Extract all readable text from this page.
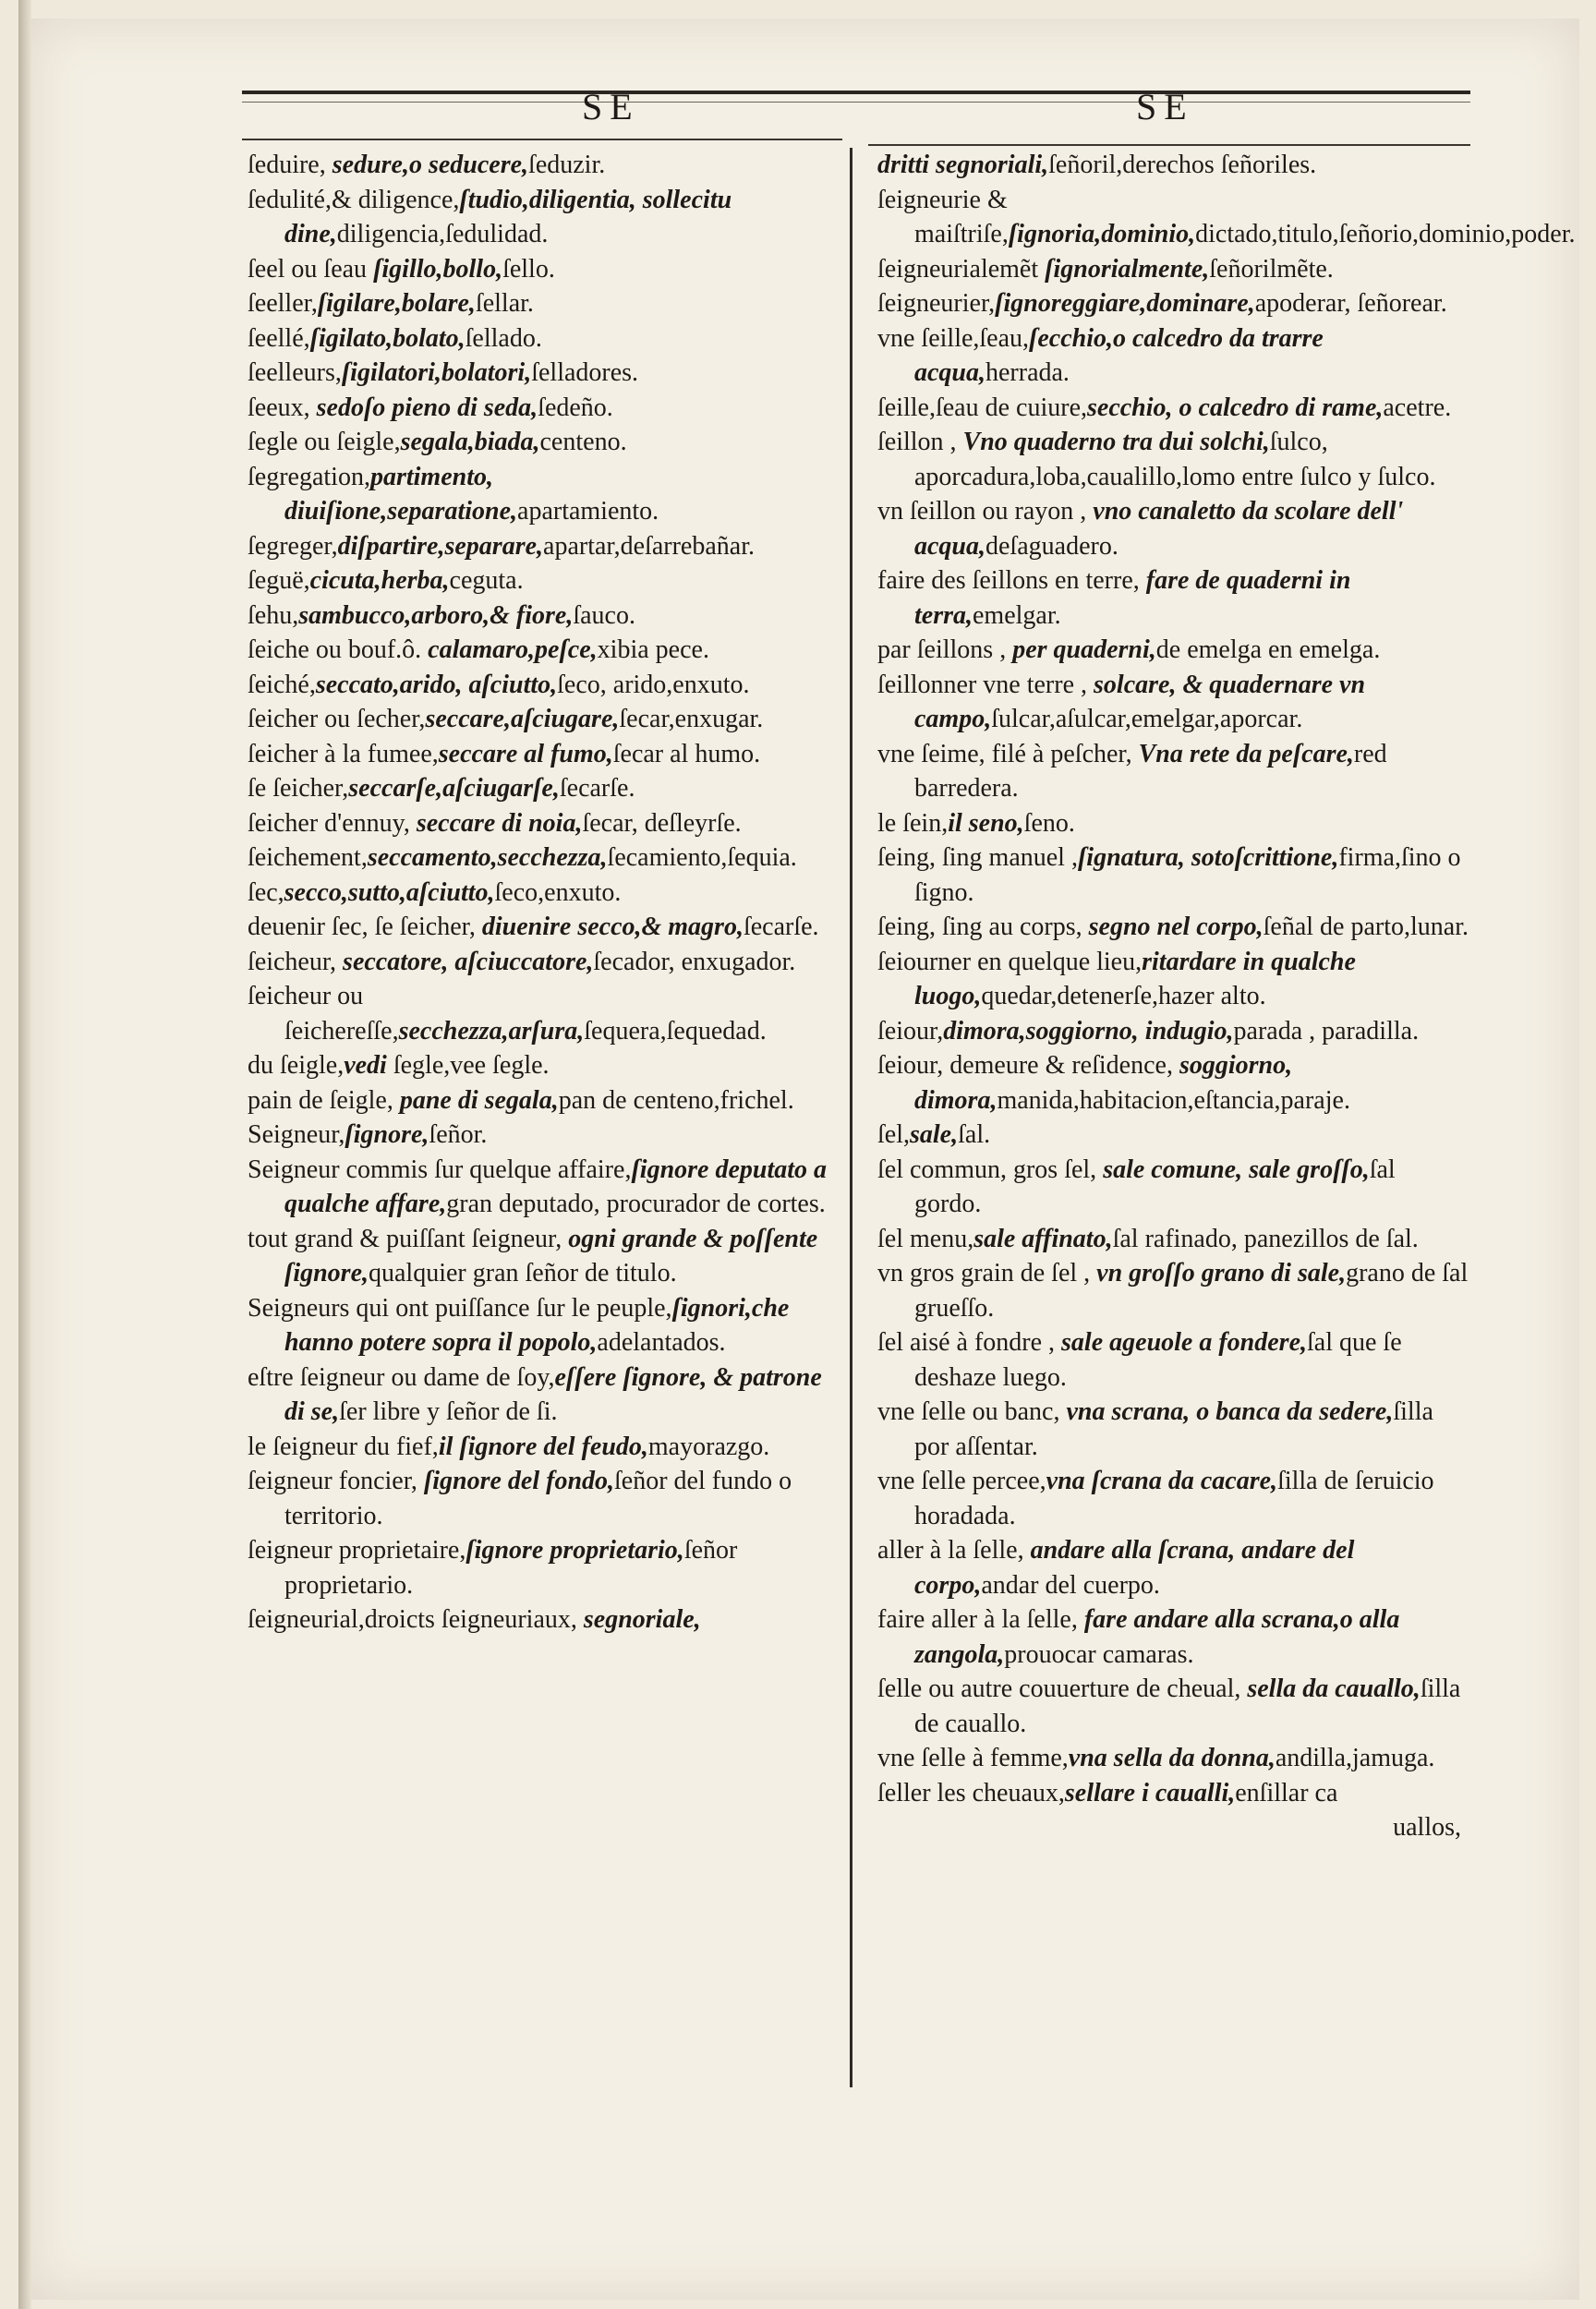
SE	SE

ſeduire, sedure,o seducere,ſeduzir.

ſedulité,& diligence,ſtudio,diligentia, sollecitu dine,diligencia,ſedulidad.

ſeel ou ſeau ſigillo,bollo,ſello.

ſeeller,ſigilare,bolare,ſellar.

ſeellé,ſigilato,bolato,ſellado.

ſeelleurs,ſigilatori,bolatori,ſelladores.

ſeeux, sedoſo pieno di seda,ſedeño.

ſegle ou ſeigle,segala,biada,centeno.

ſegregation,partimento, diuiſione,separatione,apartamiento.

ſegreger,diſpartire,separare,apartar,deſarrebañar.

ſeguë,cicuta,herba,ceguta.

ſehu,sambucco,arboro,& fiore,ſauco.

ſeiche ou bouf.ô. calamaro,peſce,xibia pece.

ſeiché,seccato,arido, aſciutto,ſeco, arido,enxuto.

ſeicher ou ſecher,seccare,aſciugare,ſecar,enxugar.

ſeicher à la fumee,seccare al fumo,ſecar al humo.

ſe ſeicher,seccarſe,aſciugarſe,ſecarſe.

ſeicher d'ennuy, seccare di noia,ſecar, deſleyrſe.

ſeichement,seccamento,secchezza,ſecamiento,ſequia.

ſec,secco,sutto,aſciutto,ſeco,enxuto.

deuenir ſec, ſe ſeicher, diuenire secco,& magro,ſecarſe.

ſeicheur, seccatore, aſciuccatore,ſecador, enxugador.

ſeicheur ou ſeichereſſe,secchezza,arſura,ſequera,ſequedad.

du ſeigle,vedi ſegle,vee ſegle.

pain de ſeigle, pane di segala,pan de centeno,frichel.

Seigneur,ſignore,ſeñor.

Seigneur commis ſur quelque affaire,ſignore deputato a qualche affare,gran deputado, procurador de cortes.

tout grand & puiſſant ſeigneur, ogni grande & poſſente ſignore,qualquier gran ſeñor de titulo.

Seigneurs qui ont puiſſance ſur le peuple,ſignori,che hanno potere sopra il popolo,adelantados.

eſtre ſeigneur ou dame de ſoy,eſſere ſignore, & patrone di se,ſer libre y ſeñor de ſi.

le ſeigneur du fief,il ſignore del feudo,mayorazgo.

ſeigneur foncier, ſignore del fondo,ſeñor del fundo o territorio.

ſeigneur proprietaire,ſignore proprietario,ſeñor proprietario.

ſeigneurial,droicts ſeigneuriaux, segnoriale,

dritti segnoriali,ſeñoril,derechos ſeñoriles.

ſeigneurie & maiſtriſe,ſignoria,dominio,dictado,titulo,ſeñorio,dominio,poder.

ſeigneurialemẽt ſignorialmente,ſeñorilmẽte.

ſeigneurier,ſignoreggiare,dominare,apoderar, ſeñorear.

vne ſeille,ſeau,ſecchio,o calcedro da trarre acqua,herrada.

ſeille,ſeau de cuiure,secchio, o calcedro di rame,acetre.

ſeillon , Vno quaderno tra dui solchi,ſulco, aporcadura,loba,caualillo,lomo entre ſulco y ſulco.

vn ſeillon ou rayon , vno canaletto da scolare dell' acqua,deſaguadero.

faire des ſeillons en terre, fare de quaderni in terra,emelgar.

par ſeillons , per quaderni,de emelga en emelga.

ſeillonner vne terre , solcare, & quadernare vn campo,ſulcar,aſulcar,emelgar,aporcar.

vne ſeime, filé à peſcher, Vna rete da peſcare,red barredera.

le ſein,il seno,ſeno.

ſeing, ſing manuel ,ſignatura, sotoſcrittione,firma,ſino o ſigno.

ſeing, ſing au corps, segno nel corpo,ſeñal de parto,lunar.

ſeiourner en quelque lieu,ritardare in qualche luogo,quedar,detenerſe,hazer alto.

ſeiour,dimora,soggiorno, indugio,parada , paradilla.

ſeiour, demeure & reſidence, soggiorno, dimora,manida,habitacion,eſtancia,paraje.

ſel,sale,ſal.

ſel commun, gros ſel, sale comune, sale groſſo,ſal gordo.

ſel menu,sale affinato,ſal rafinado, panezillos de ſal.

vn gros grain de ſel , vn groſſo grano di sale,grano de ſal grueſſo.

ſel aisé à fondre , sale ageuole a fondere,ſal que ſe deshaze luego.

vne ſelle ou banc, vna scrana, o banca da sedere,ſilla por aſſentar.

vne ſelle percee,vna ſcrana da cacare,ſilla de ſeruicio horadada.

aller à la ſelle, andare alla ſcrana, andare del corpo,andar del cuerpo.

faire aller à la ſelle, fare andare alla scrana,o alla zangola,prouocar camaras.

ſelle ou autre couuerture de cheual, sella da cauallo,ſilla de cauallo.

vne ſelle à femme,vna sella da donna,andilla,jamuga.

ſeller les cheuaux,sellare i caualli,enſillar ca

uallos,
